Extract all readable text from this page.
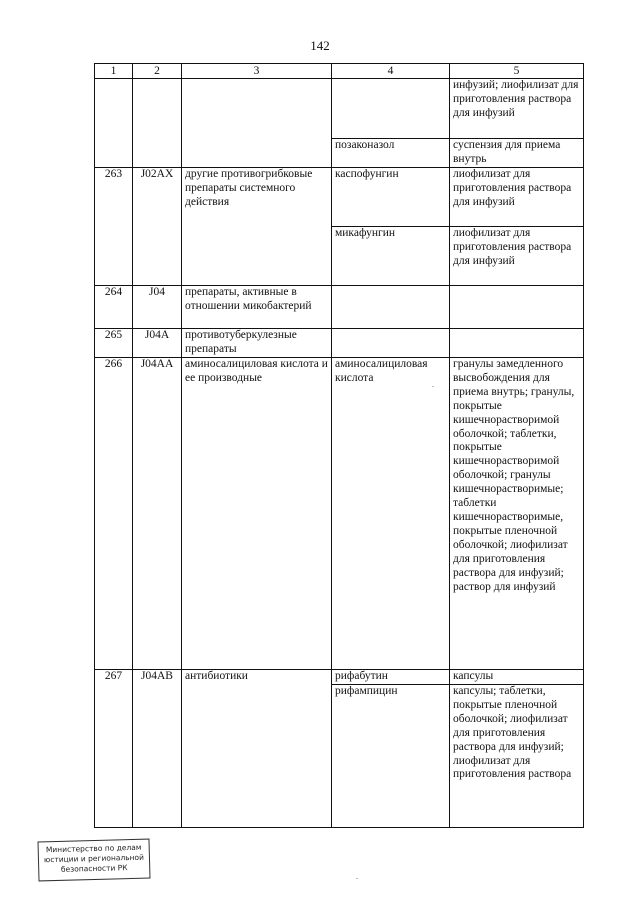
142
1	2	3	4	5
				инфузий; лиофилизат для приготовления раствора для инфузий
			позаконазол	суспензия для приема внутрь
263	J02AX	другие противогрибковые препараты системного действия	каспофунгин	лиофилизат для приготовления раствора для инфузий
			микафунгин	лиофилизат для приготовления раствора для инфузий
264	J04	препараты, активные в отношении микобактерий		
265	J04A	противотуберкулезные препараты		
266	J04AA	аминосалициловая кислота и ее производные	аминосалициловая кислота	гранулы замедленного высвобождения для приема внутрь; гранулы, покрытые кишечнорастворимой оболочкой; таблетки, покрытые кишечнорастворимой оболочкой; гранулы кишечнорастворимые; таблетки кишечнорастворимые, покрытые пленочной оболочкой; лиофилизат для приготовления раствора для инфузий; раствор для инфузий
267	J04AB	антибиотики	рифабутин	капсулы
			рифампицин	капсулы; таблетки, покрытые пленочной оболочкой; лиофилизат для приготовления раствора для инфузий; лиофилизат для приготовления раствора
Министерство по делам
юстиции и региональной
безопасности РК
